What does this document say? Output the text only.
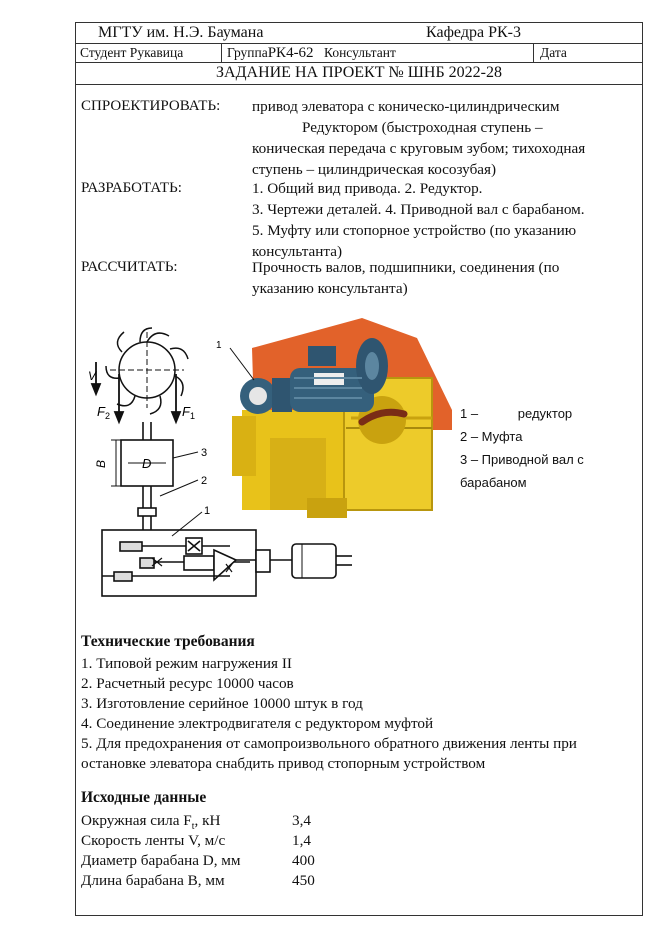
МГТУ им. Н.Э. Баумана	Кафедра РК-3
Студент Рукавица	ГруппаРК4-62 Консультант	Дата
ЗАДАНИЕ НА ПРОЕКТ № ШНБ 2022-28
СПРОЕКТИРОВАТЬ: привод элеватора с коническо-цилиндрическим
Редуктором (быстроходная ступень –
коническая передача с круговым зубом; тихоходная
ступень – цилиндрическая косозубая)
РАЗРАБОТАТЬ:	1. Общий вид привода. 2. Редуктор.
3. Чертежи деталей. 4. Приводной вал с барабаном.
5. Муфту или стопорное устройство (по указанию
консультанта)
РАССЧИТАТЬ:	Прочность валов, подшипники, соединения (по
указанию консультанта)
V
F 2	F 1
B	D
3
2
1
1
1 –           редуктор
2 – Муфта
3 – Приводной вал с
барабаном
Технические требования
1. Типовой режим нагружения II
2. Расчетный ресурс 10000 часов
3. Изготовление серийное 10000 штук в год
4. Соединение электродвигателя с редуктором муфтой
5. Для предохранения от самопроизвольного обратного движения ленты при
остановке элеватора снабдить привод стопорным устройством
Исходные данные
Окружная сила $F_t$, кН	3,4
Скорость ленты V, м/с	1,4
Диаметр барабана D, мм	400
Длина барабана B, мм	450
